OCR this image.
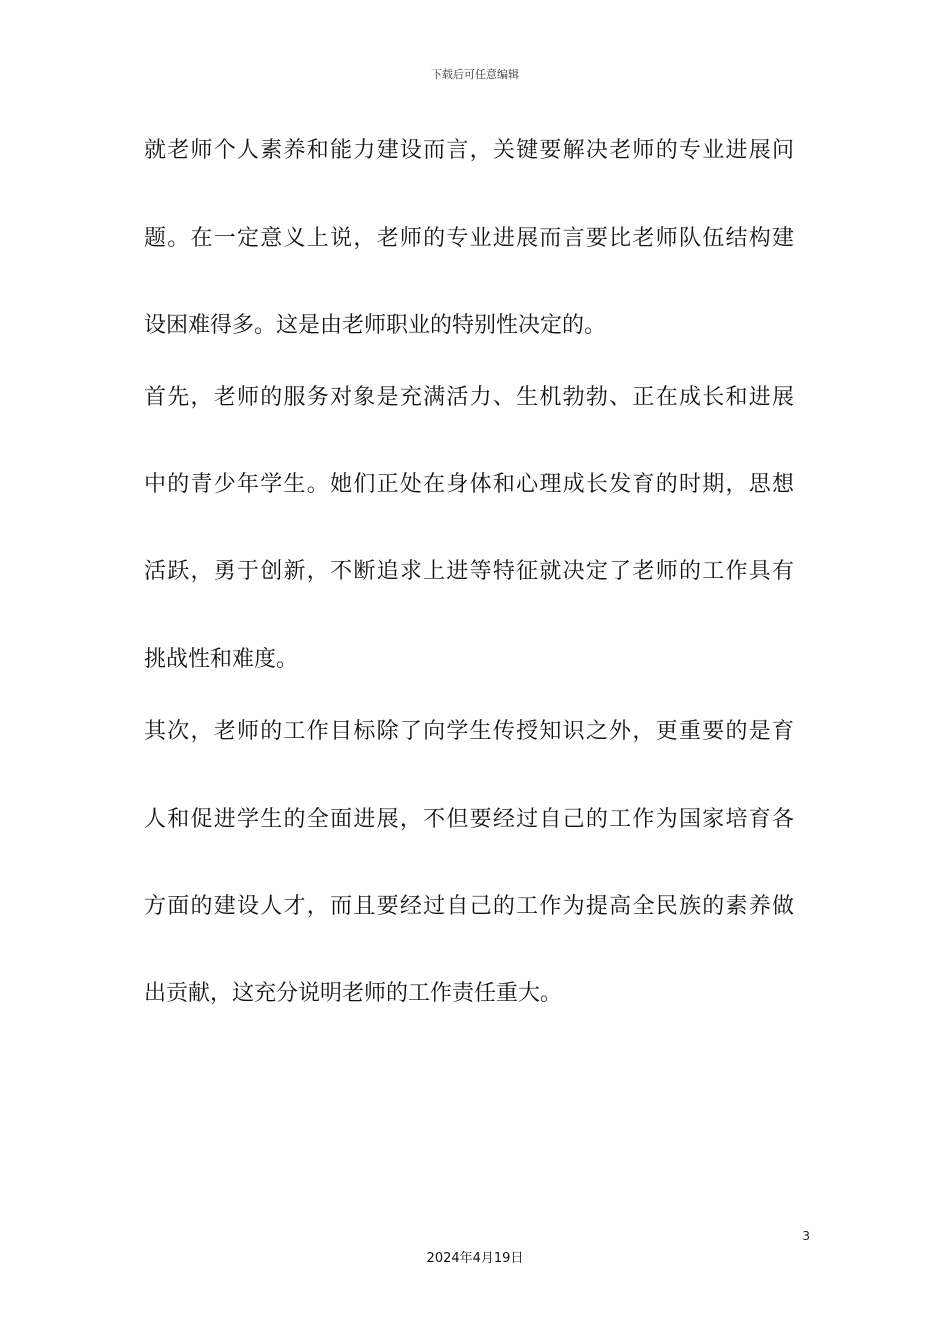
下载后可任意编辑
就老师个人素养和能力建设而言，关键要解决老师的专业进展问
题。在一定意义上说，老师的专业进展而言要比老师队伍结构建
设困难得多。这是由老师职业的特别性决定的。
首先，老师的服务对象是充满活力、生机勃勃、正在成长和进展
中的青少年学生。她们正处在身体和心理成长发育的时期，思想
活跃，勇于创新，不断追求上进等特征就决定了老师的工作具有
挑战性和难度。
其次，老师的工作目标除了向学生传授知识之外，更重要的是育
人和促进学生的全面进展，不但要经过自己的工作为国家培育各
方面的建设人才，而且要经过自己的工作为提高全民族的素养做
出贡献，这充分说明老师的工作责任重大。
3
2024年4月19日
